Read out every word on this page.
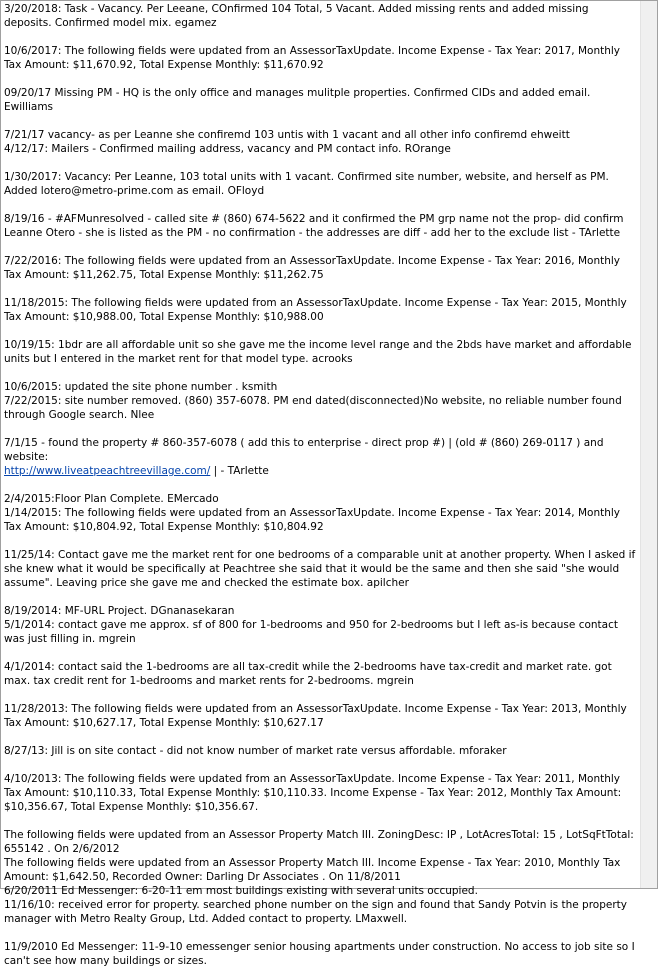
3/20/2018: Task - Vacancy. Per Leeane, COnfirmed 104 Total, 5 Vacant. Added missing rents and added missing deposits. Confirmed model mix. egamez
10/6/2017: The following fields were updated from an AssessorTaxUpdate. Income Expense - Tax Year: 2017, Monthly Tax Amount: $11,670.92, Total Expense Monthly: $11,670.92
09/20/17 Missing PM - HQ is the only office and manages mulitple properties. Confirmed CIDs and added email.
Ewilliams
7/21/17 vacancy- as per Leanne she confiremd 103 untis with 1 vacant and all other info confiremd ehweitt
4/12/17: Mailers - Confirmed mailing address, vacancy and PM contact info. ROrange
1/30/2017: Vacancy: Per Leanne, 103 total units with 1 vacant. Confirmed site number, website, and herself as PM. Added lotero@metro-prime.com as email. OFloyd
8/19/16 - #AFMunresolved - called site # (860) 674-5622 and it confirmed the PM grp name not the prop- did confirm Leanne Otero - she is listed as the PM - no confirmation - the addresses are diff - add her to the exclude list - TArlette
7/22/2016: The following fields were updated from an AssessorTaxUpdate. Income Expense - Tax Year: 2016, Monthly Tax Amount: $11,262.75, Total Expense Monthly: $11,262.75
11/18/2015: The following fields were updated from an AssessorTaxUpdate. Income Expense - Tax Year: 2015, Monthly Tax Amount: $10,988.00, Total Expense Monthly: $10,988.00
10/19/15: 1bdr are all affordable unit so she gave me the income level range and the 2bds have market and affordable units but I entered in the market rent for that model type. acrooks
10/6/2015: updated the site phone number . ksmith
7/22/2015: site number removed. (860) 357-6078. PM end dated(disconnected)No website, no reliable number found through Google search. Nlee
7/1/15 - found the property # 860-357-6078 ( add this to enterprise - direct prop #) | (old # (860) 269-0117 ) and website:
http://www.liveatpeachtreevillage.com/ | - TArlette
2/4/2015:Floor Plan Complete. EMercado
1/14/2015: The following fields were updated from an AssessorTaxUpdate. Income Expense - Tax Year: 2014, Monthly Tax Amount: $10,804.92, Total Expense Monthly: $10,804.92
11/25/14: Contact gave me the market rent for one bedrooms of a comparable unit at another property. When I asked if she knew what it would be specifically at Peachtree she said that it would be the same and then she said "she would assume". Leaving price she gave me and checked the estimate box. apilcher
8/19/2014: MF-URL Project. DGnanasekaran
5/1/2014: contact gave me approx. sf of 800 for 1-bedrooms and 950 for 2-bedrooms but I left as-is because contact was just filling in. mgrein
4/1/2014: contact said the 1-bedrooms are all tax-credit while the 2-bedrooms have tax-credit and market rate. got max. tax credit rent for 1-bedrooms and market rents for 2-bedrooms. mgrein
11/28/2013: The following fields were updated from an AssessorTaxUpdate. Income Expense - Tax Year: 2013, Monthly Tax Amount: $10,627.17, Total Expense Monthly: $10,627.17
8/27/13: Jill is on site contact - did not know number of market rate versus affordable. mforaker
4/10/2013: The following fields were updated from an AssessorTaxUpdate. Income Expense - Tax Year: 2011, Monthly Tax Amount: $10,110.33, Total Expense Monthly: $10,110.33. Income Expense - Tax Year: 2012, Monthly Tax Amount: $10,356.67, Total Expense Monthly: $10,356.67.
The following fields were updated from an Assessor Property Match III. ZoningDesc: IP , LotAcresTotal: 15 , LotSqFtTotal: 655142 . On 2/6/2012
The following fields were updated from an Assessor Property Match III. Income Expense - Tax Year: 2010, Monthly Tax Amount: $1,642.50, Recorded Owner: Darling Dr Associates . On 11/8/2011
6/20/2011 Ed Messenger: 6-20-11 em most buildings existing with several units occupied.
11/16/10: received error for property. searched phone number on the sign and found that Sandy Potvin is the property manager with Metro Realty Group, Ltd. Added contact to property. LMaxwell.
11/9/2010 Ed Messenger: 11-9-10 emessenger senior housing apartments under construction. No access to job site so I can't see how many buildings or sizes.
